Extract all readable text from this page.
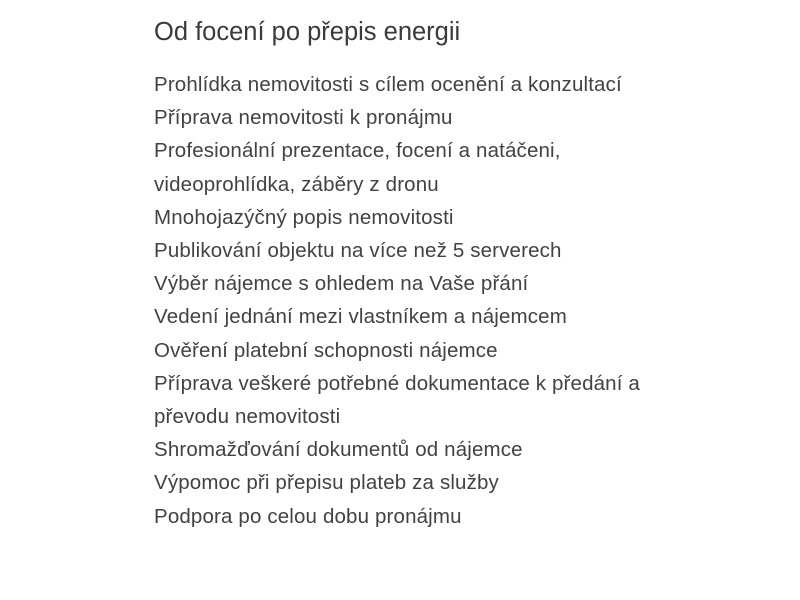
Od focení po přepis energii
Prohlídka nemovitosti s cílem ocenění a konzultací
Příprava nemovitosti k pronájmu
Profesionální prezentace, focení a natáčeni, videoprohlídka, záběry z dronu
Mnohojazýčný popis nemovitosti
Publikování objektu na více než 5 serverech
Výběr nájemce s ohledem na Vaše přání
Vedení jednání mezi vlastníkem a nájemcem
Ověření platební schopnosti nájemce
Příprava veškeré potřebné dokumentace k předání a převodu nemovitosti
Shromažďování dokumentů od nájemce
Výpomoc při přepisu plateb za služby
Podpora po celou dobu pronájmu
